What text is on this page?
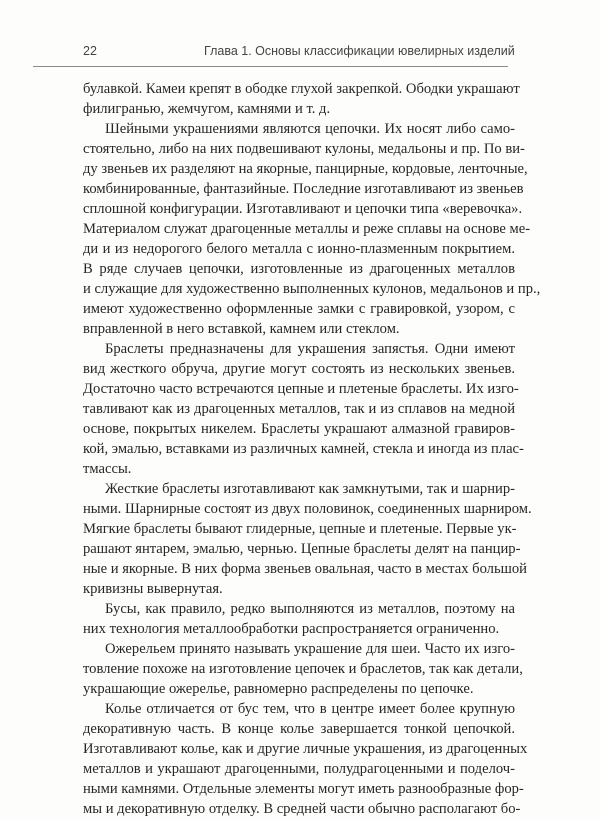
22	Глава 1. Основы классификации ювелирных изделий
булавкой. Камеи крепят в ободке глухой закрепкой. Ободки украшают
филигранью, жемчугом, камнями и т. д.
Шейными украшениями являются цепочки. Их носят либо само-
стоятельно, либо на них подвешивают кулоны, медальоны и пр. По ви-
ду звеньев их разделяют на якорные, панцирные, кордовые, ленточные,
комбинированные, фантазийные. Последние изготавливают из звеньев
сплошной конфигурации. Изготавливают и цепочки типа «веревочка».
Материалом служат драгоценные металлы и реже сплавы на основе ме-
ди и из недорогого белого металла с ионно-плазменным покрытием.
В ряде случаев цепочки, изготовленные из драгоценных металлов
и служащие для художественно выполненных кулонов, медальонов и пр.,
имеют художественно оформленные замки с гравировкой, узором, с
вправленной в него вставкой, камнем или стеклом.
Браслеты предназначены для украшения запястья. Одни имеют
вид жесткого обруча, другие могут состоять из нескольких звеньев.
Достаточно часто встречаются цепные и плетеные браслеты. Их изго-
тавливают как из драгоценных металлов, так и из сплавов на медной
основе, покрытых никелем. Браслеты украшают алмазной гравиров-
кой, эмалью, вставками из различных камней, стекла и иногда из плас-
тмассы.
Жесткие браслеты изготавливают как замкнутыми, так и шарнир-
ными. Шарнирные состоят из двух половинок, соединенных шарниром.
Мягкие браслеты бывают глидерные, цепные и плетеные. Первые ук-
рашают янтарем, эмалью, чернью. Цепные браслеты делят на панцир-
ные и якорные. В них форма звеньев овальная, часто в местах большой
кривизны вывернутая.
Бусы, как правило, редко выполняются из металлов, поэтому на
них технология металлообработки распространяется ограниченно.
Ожерельем принято называть украшение для шеи. Часто их изго-
товление похоже на изготовление цепочек и браслетов, так как детали,
украшающие ожерелье, равномерно распределены по цепочке.
Колье отличается от бус тем, что в центре имеет более крупную
декоративную часть. В конце колье завершается тонкой цепочкой.
Изготавливают колье, как и другие личные украшения, из драгоценных
металлов и украшают драгоценными, полудрагоценными и поделоч-
ными камнями. Отдельные элементы могут иметь разнообразные фор-
мы и декоративную отделку. В средней части обычно располагают бо-
